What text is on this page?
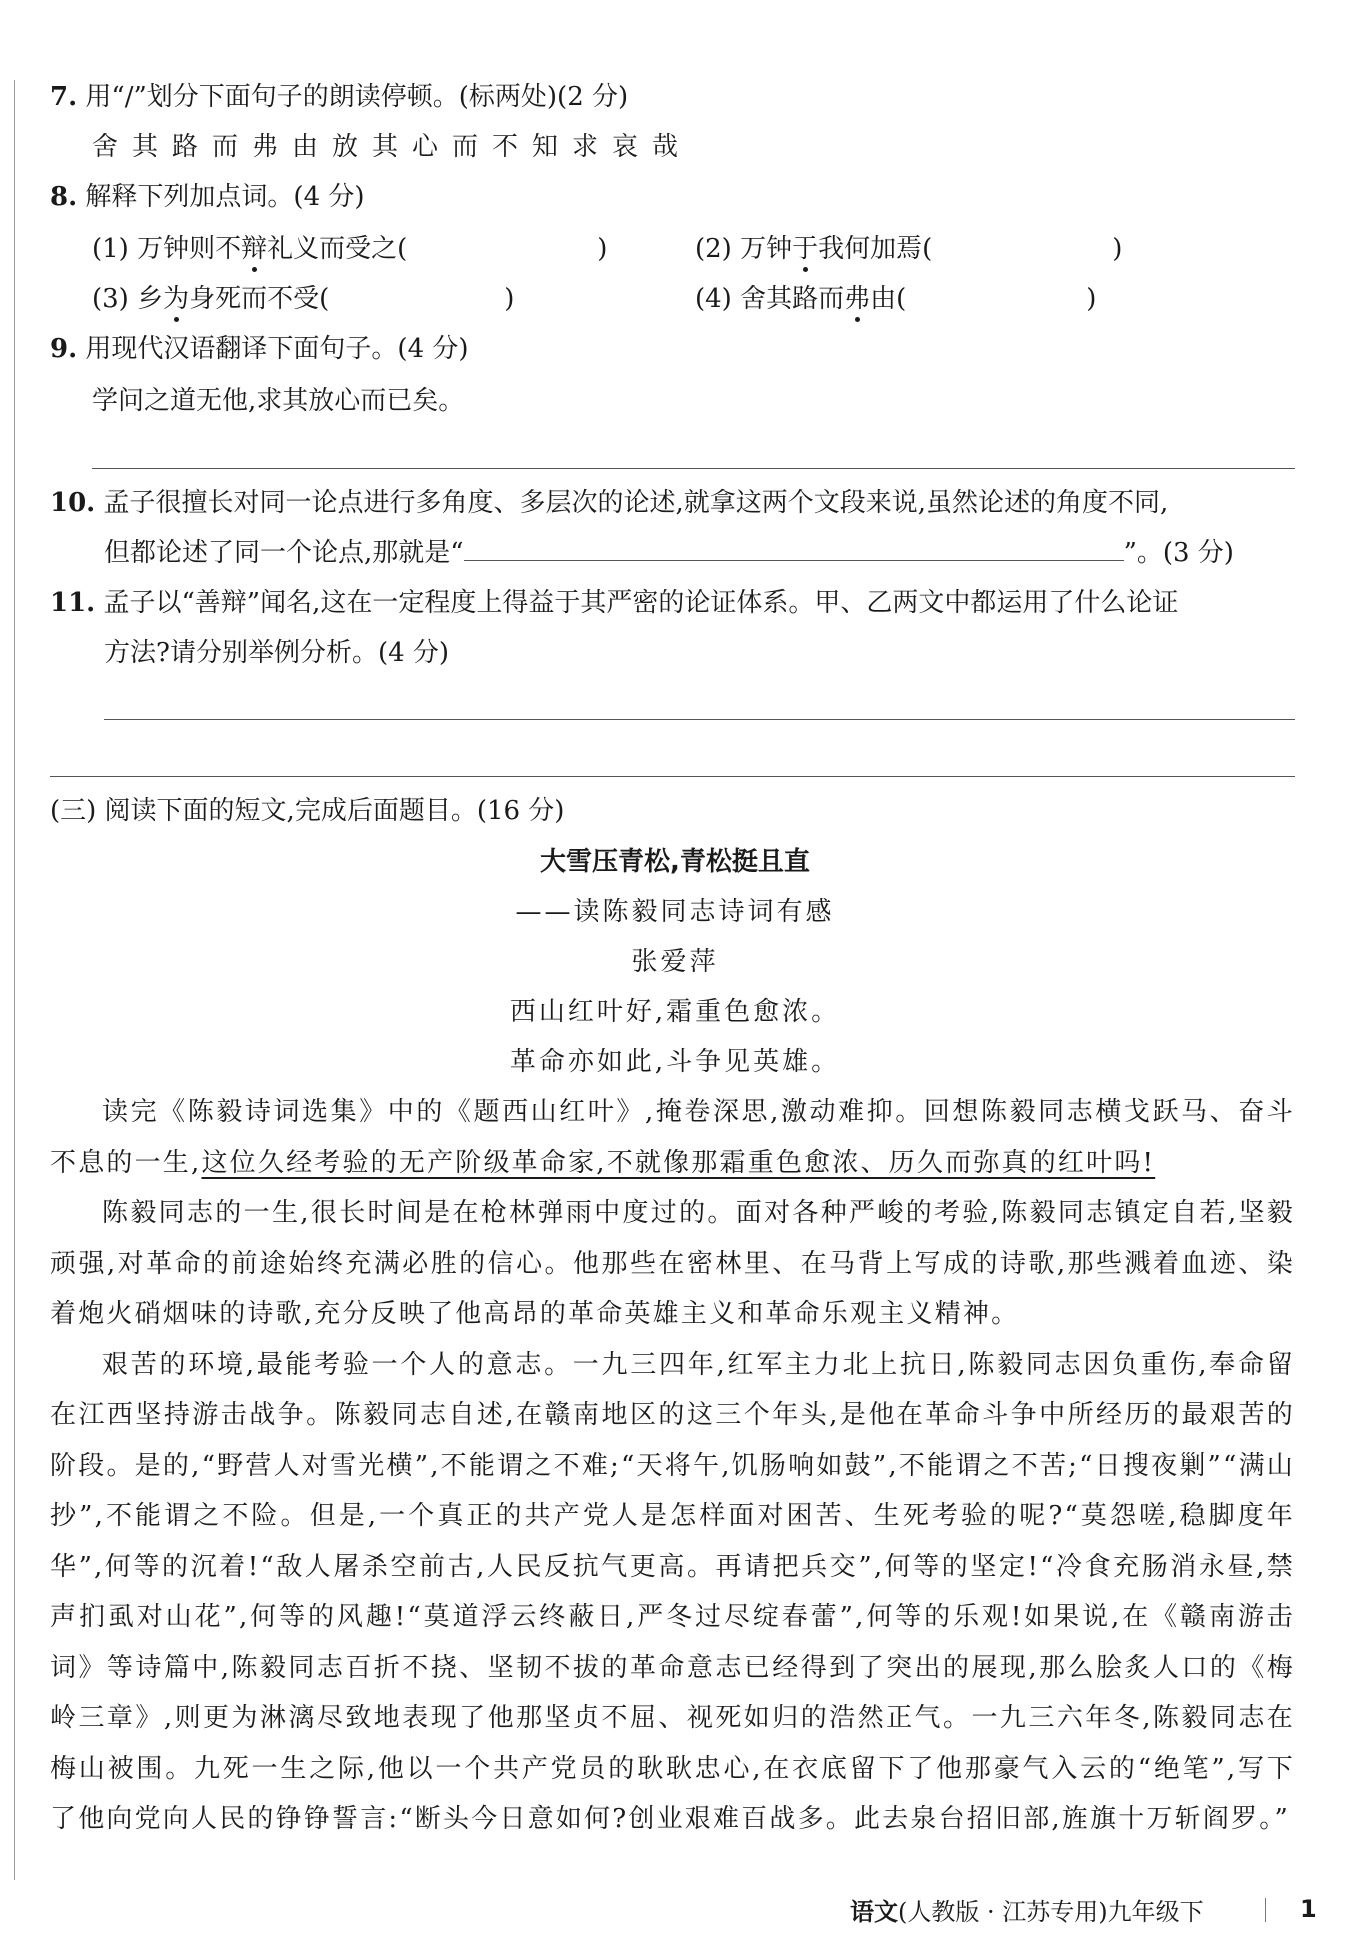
7. 用“/”划分下面句子的朗读停顿。(标两处)(2 分)
舍其路而弗由放其心而不知求哀哉
8. 解释下列加点词。(4 分)
(1) 万钟则不辩礼义而受之(	)	(2) 万钟于我何加焉(	)
(3) 乡为身死而不受(	)	(4) 舍其路而弗由(	)
9. 用现代汉语翻译下面句子。(4 分)
学问之道无他,求其放心而已矣。
10. 孟子很擅长对同一论点进行多角度、多层次的论述,就拿这两个文段来说,虽然论述的角度不同,
但都论述了同一个论点,那就是“	”。(3 分)
11. 孟子以“善辩”闻名,这在一定程度上得益于其严密的论证体系。甲、乙两文中都运用了什么论证
方法?请分别举例分析。(4 分)
(三) 阅读下面的短文,完成后面题目。(16 分)
大雪压青松,青松挺且直
——读陈毅同志诗词有感
张爱萍
西山红叶好,霜重色愈浓。
革命亦如此,斗争见英雄。

读完《陈毅诗词选集》中的《题西山红叶》,掩卷深思,激动难抑。回想陈毅同志横戈跃马、奋斗不息的一生,这位久经考验的无产阶级革命家,不就像那霜重色愈浓、历久而弥真的红叶吗!

陈毅同志的一生,很长时间是在枪林弹雨中度过的。面对各种严峻的考验,陈毅同志镇定自若,坚毅顽强,对革命的前途始终充满必胜的信心。他那些在密林里、在马背上写成的诗歌,那些溅着血迹、染着炮火硝烟味的诗歌,充分反映了他高昂的革命英雄主义和革命乐观主义精神。

艰苦的环境,最能考验一个人的意志。一九三四年,红军主力北上抗日,陈毅同志因负重伤,奉命留在江西坚持游击战争。陈毅同志自述,在赣南地区的这三个年头,是他在革命斗争中所经历的最艰苦的阶段。是的,“野营人对雪光横”,不能谓之不难;“天将午,饥肠响如鼓”,不能谓之不苦;“日搜夜剿”“满山抄”,不能谓之不险。但是,一个真正的共产党人是怎样面对困苦、生死考验的呢?“莫怨嗟,稳脚度年华”,何等的沉着!“敌人屠杀空前古,人民反抗气更高。再请把兵交”,何等的坚定!“冷食充肠消永昼,禁声扪虱对山花”,何等的风趣!“莫道浮云终蔽日,严冬过尽绽春蕾”,何等的乐观!如果说,在《赣南游击词》等诗篇中,陈毅同志百折不挠、坚韧不拔的革命意志已经得到了突出的展现,那么脍炙人口的《梅岭三章》,则更为淋漓尽致地表现了他那坚贞不屈、视死如归的浩然正气。一九三六年冬,陈毅同志在梅山被围。九死一生之际,他以一个共产党员的耿耿忠心,在衣底留下了他那豪气入云的“绝笔”,写下了他向党向人民的铮铮誓言:“断头今日意如何?创业艰难百战多。此去泉台招旧部,旌旗十万斩阎罗。”

语文(人教版 · 江苏专用)九年级下	1
